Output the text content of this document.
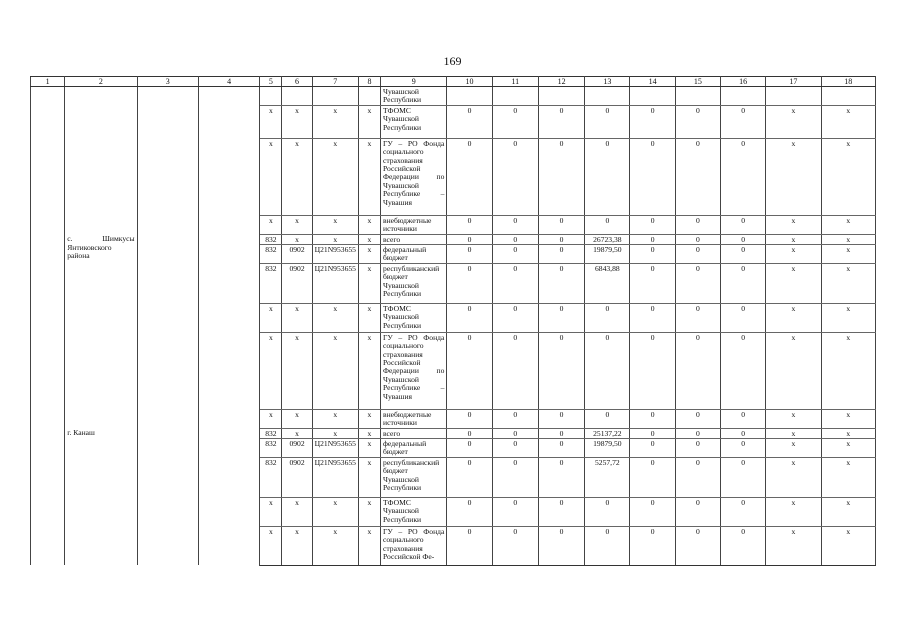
169
1	2	3	4	5	6	7	8	9	10	11	12	13	14	15	16	17	18
								Чувашской Республики									
				х	х	х	х	ТФОМС Чувашской Республики	0	0	0	0	0	0	0	х	х
				х	х	х	х	ГУ – РО Фонда социального страхования Российской Федерации по Чувашской Республике – Чувашия	0	0	0	0	0	0	0	х	х
				х	х	х	х	внебюджетные источники	0	0	0	0	0	0	0	х	х
	с. Шимкусы Янтиковского района			832	х	х	х	всего	0	0	0	26723,38	0	0	0	х	х
				832	0902	Ц21N953655	х	федеральный бюджет	0	0	0	19879,50	0	0	0	х	х
				832	0902	Ц21N953655	х	республиканский бюджет Чувашской Республики	0	0	0	6843,88	0	0	0	х	х
				х	х	х	х	ТФОМС Чувашской Республики	0	0	0	0	0	0	0	х	х
				х	х	х	х	ГУ – РО Фонда социального страхования Российской Федерации по Чувашской Республике – Чувашия	0	0	0	0	0	0	0	х	х
				х	х	х	х	внебюджетные источники	0	0	0	0	0	0	0	х	х
	г. Канаш			832	х	х	х	всего	0	0	0	25137,22	0	0	0	х	х
				832	0902	Ц21N953655	х	федеральный бюджет	0	0	0	19879,50	0	0	0	х	х
				832	0902	Ц21N953655	х	республиканский бюджет Чувашской Республики	0	0	0	5257,72	0	0	0	х	х
				х	х	х	х	ТФОМС Чувашской Республики	0	0	0	0	0	0	0	х	х
				х	х	х	х	ГУ – РО Фонда социального страхования Российской Фе-	0	0	0	0	0	0	0	х	х
